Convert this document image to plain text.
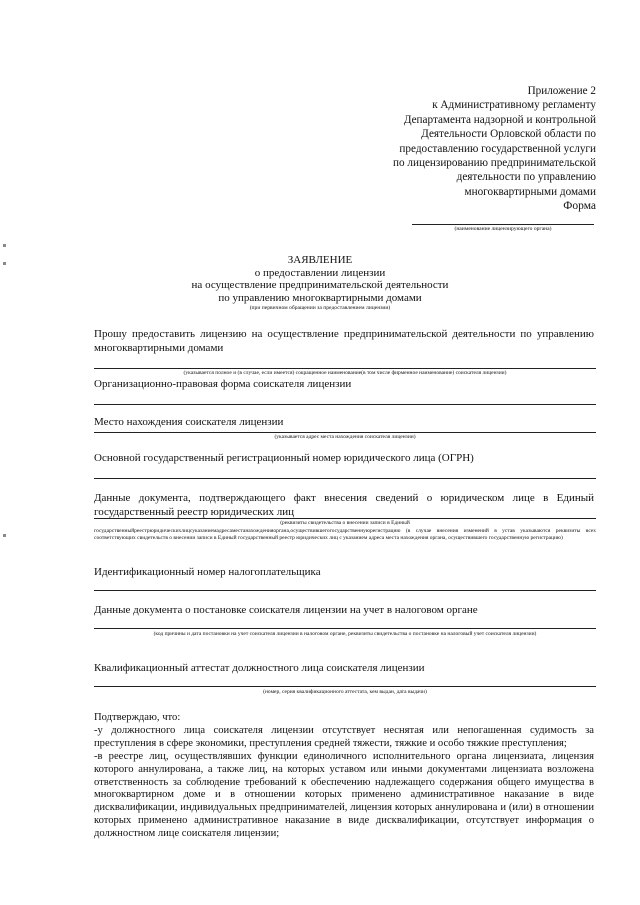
Приложение 2
к Административному регламенту
Департамента надзорной и контрольной
Деятельности Орловской области по
предоставлению государственной услуги
по лицензированию предпринимательской
деятельности по управлению
многоквартирными домами
Форма
(наименование лицензирующего органа)
ЗАЯВЛЕНИЕ
о предоставлении лицензии
на осуществление предпринимательской деятельности
по управлению многоквартирными домами
(при первичном обращении за предоставлением лицензии)
Прошу предоставить лицензию на осуществление предпринимательской деятельности по управлению многоквартирными домами
(указывается полное и (в случае, если имеется) сокращенное наименование(в том числе фирменное наименование) соискателя лицензии)
Организационно-правовая форма соискателя лицензии
Место нахождения соискателя лицензии
(указывается адрес места нахождения соискателя лицензии)
Основной государственный регистрационный номер юридического лица (ОГРН)
Данные документа, подтверждающего факт внесения сведений о юридическом лице в Единый государственный реестр юридических лиц
(реквизиты свидетельства о внесении записи в Единый
государственныйреестрюридическихлицсуказаниемадресаместанахожденияоргана,осуществившегогосударственнуюрегистрацию (в случае внесения изменений в устав указываются реквизиты всех соответствующих свидетельств о внесении записи в Единый государственный реестр юридических лиц с указанием адреса места нахождения органа, осуществившего государственную регистрацию)
Идентификационный номер налогоплательщика
Данные документа о постановке соискателя лицензии на учет в налоговом органе
(код причины и дата постановки на учет соискателя лицензии в налоговом органе, реквизиты свидетельства о постановке на налоговый учет соискателя лицензии)
Квалификационный аттестат должностного лица соискателя лицензии
(номер, серия квалификационного аттестата, кем выдан, дата выдачи)

Подтверждаю, что:

-у должностного лица соискателя лицензии отсутствует неснятая или непогашенная судимость за преступления в сфере экономики, преступления средней тяжести, тяжкие и особо тяжкие преступления;

-в реестре лиц, осуществлявших функции единоличного исполнительного органа лицензиата, лицензия которого аннулирована, а также лиц, на которых уставом или иными документами лицензиата возложена ответственность за соблюдение требований к обеспечению надлежащего содержания общего имущества в многоквартирном доме и в отношении которых применено административное наказание в виде дисквалификации, индивидуальных предпринимателей, лицензия которых аннулирована и (или) в отношении которых применено административное наказание в виде дисквалификации, отсутствует информация о должностном лице соискателя лицензии;
